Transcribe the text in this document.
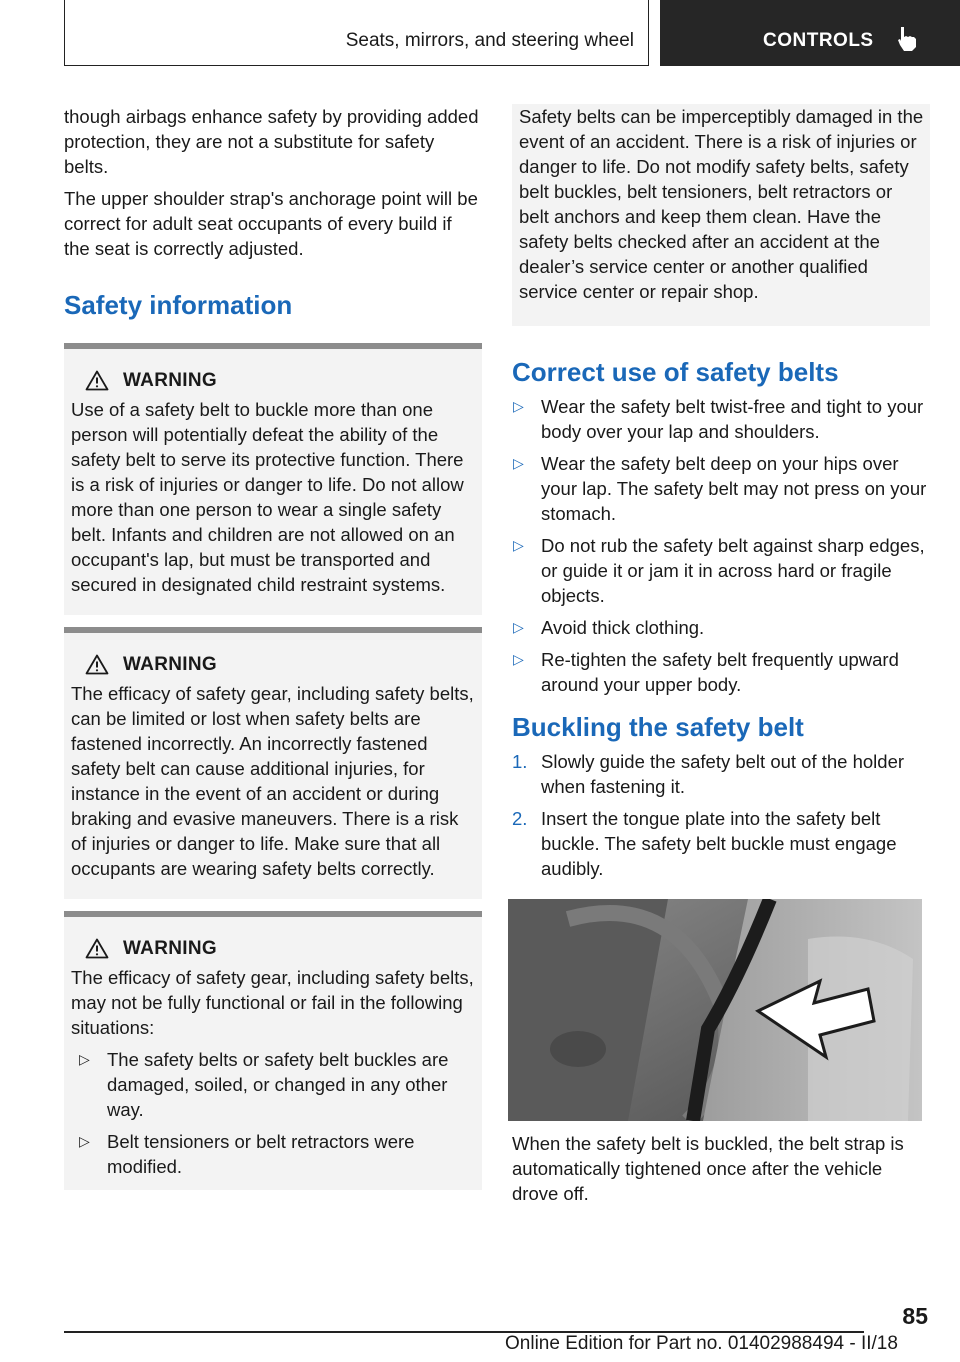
Seats, mirrors, and steering wheel	CONTROLS

though airbags enhance safety by providing added protection, they are not a substitute for safety belts.

The upper shoulder strap's anchorage point will be correct for adult seat occupants of every build if the seat is correctly adjusted.

Safety information
WARNING

Use of a safety belt to buckle more than one person will potentially defeat the ability of the safety belt to serve its protective function. There is a risk of injuries or danger to life. Do not allow more than one person to wear a single safety belt. Infants and children are not allowed on an occupant's lap, but must be transported and secured in designated child restraint systems.

WARNING

The efficacy of safety gear, including safety belts, can be limited or lost when safety belts are fastened incorrectly. An incorrectly fastened safety belt can cause additional injuries, for instance in the event of an accident or during braking and evasive maneuvers. There is a risk of injuries or danger to life. Make sure that all occupants are wearing safety belts correctly.

WARNING

The efficacy of safety gear, including safety belts, may not be fully functional or fail in the following situations:

▷ The safety belts or safety belt buckles are damaged, soiled, or changed in any other way.
▷ Belt tensioners or belt retractors were modified.

Safety belts can be imperceptibly damaged in the event of an accident. There is a risk of injuries or danger to life. Do not modify safety belts, safety belt buckles, belt tensioners, belt retractors or belt anchors and keep them clean. Have the safety belts checked after an accident at the dealer’s service center or another qualified service center or repair shop.

Correct use of safety belts
▷ Wear the safety belt twist-free and tight to your body over your lap and shoulders.
▷ Wear the safety belt deep on your hips over your lap. The safety belt may not press on your stomach.
▷ Do not rub the safety belt against sharp edges, or guide it or jam it in across hard or fragile objects.
▷ Avoid thick clothing.
▷ Re-tighten the safety belt frequently upward around your upper body.
Buckling the safety belt
1. Slowly guide the safety belt out of the holder when fastening it.
2. Insert the tongue plate into the safety belt buckle. The safety belt buckle must engage audibly.

When the safety belt is buckled, the belt strap is automatically tightened once after the vehicle drove off.

85
Online Edition for Part no. 01402988494 - II/18
